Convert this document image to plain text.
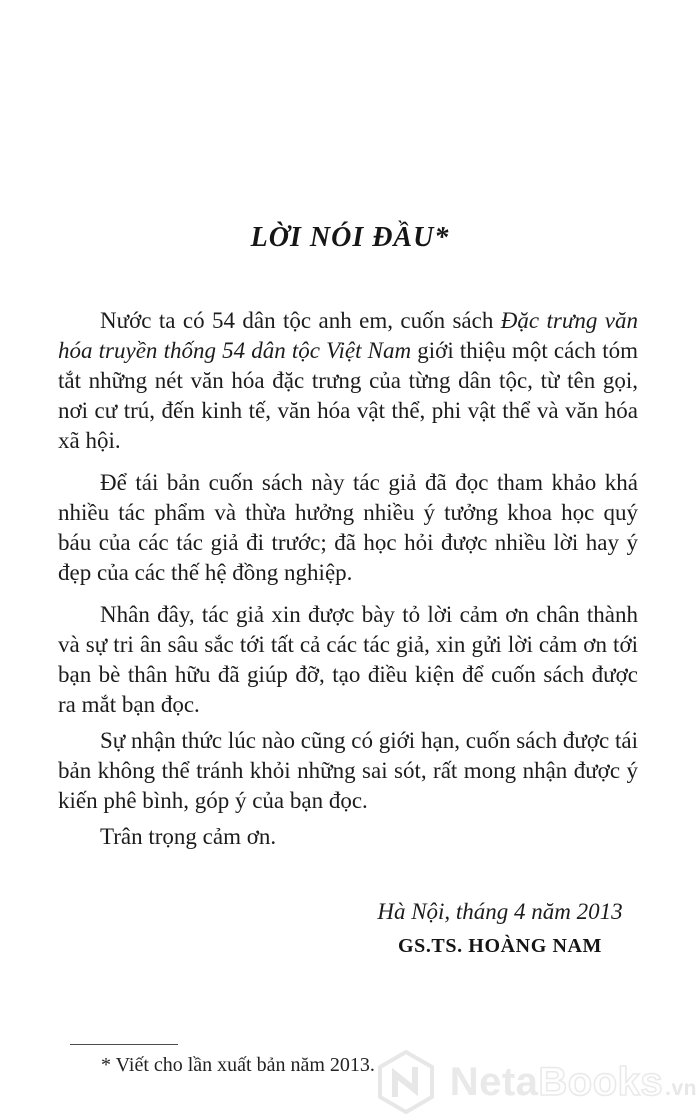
LỜI NÓI ĐẦU*

Nước ta có 54 dân tộc anh em, cuốn sách Đặc trưng văn hóa truyền thống 54 dân tộc Việt Nam giới thiệu một cách tóm tắt những nét văn hóa đặc trưng của từng dân tộc, từ tên gọi, nơi cư trú, đến kinh tế, văn hóa vật thể, phi vật thể và văn hóa xã hội.

Để tái bản cuốn sách này tác giả đã đọc tham khảo khá nhiều tác phẩm và thừa hưởng nhiều ý tưởng khoa học quý báu của các tác giả đi trước; đã học hỏi được nhiều lời hay ý đẹp của các thế hệ đồng nghiệp.

Nhân đây, tác giả xin được bày tỏ lời cảm ơn chân thành và sự tri ân sâu sắc tới tất cả các tác giả, xin gửi lời cảm ơn tới bạn bè thân hữu đã giúp đỡ, tạo điều kiện để cuốn sách được ra mắt bạn đọc.

Sự nhận thức lúc nào cũng có giới hạn, cuốn sách được tái bản không thể tránh khỏi những sai sót, rất mong nhận được ý kiến phê bình, góp ý của bạn đọc.

Trân trọng cảm ơn.

Hà Nội, tháng 4 năm 2013
GS.TS. HOÀNG NAM

* Viết cho lần xuất bản năm 2013. NetaBooks.vn
